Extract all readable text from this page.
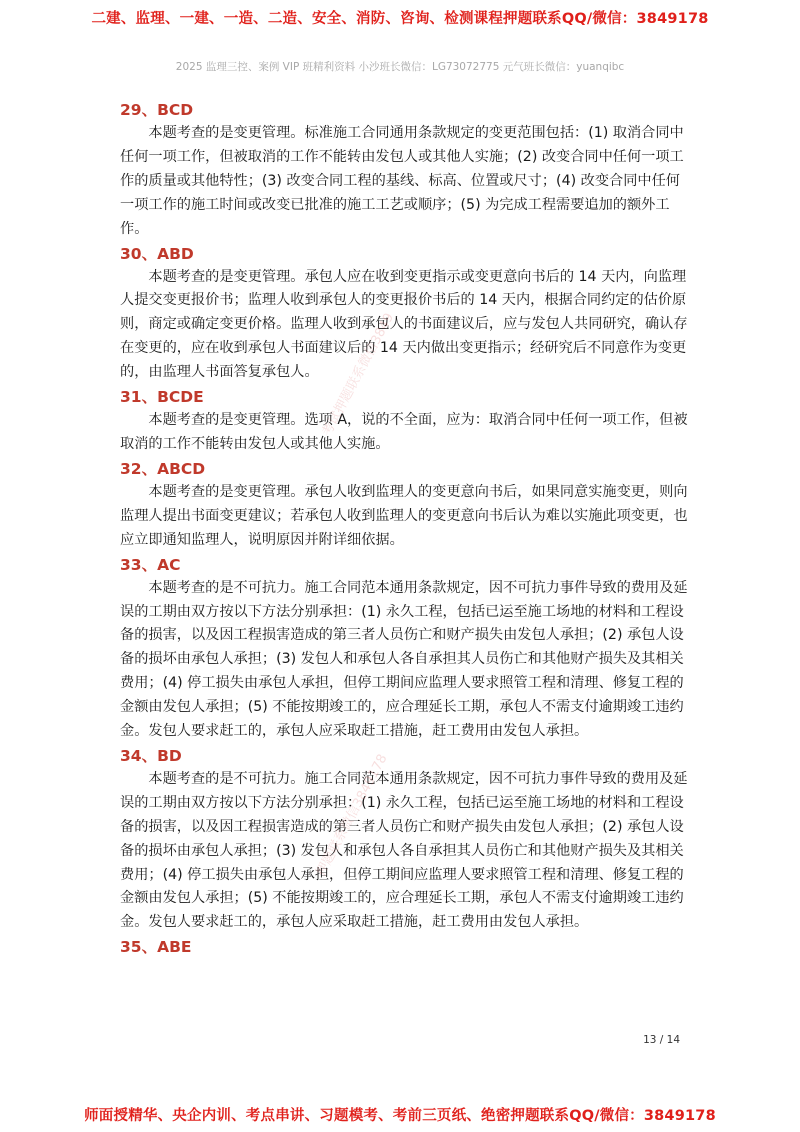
二建、监理、一建、一造、二造、安全、消防、咨询、检测课程押题联系QQ/微信：3849178
2025 监理三控、案例 VIP 班精利资料 小沙班长微信：LG73072775 元气班长微信：yuanqibc
29、BCD

本题考查的是变更管理。标准施工合同通用条款规定的变更范围包括：(1) 取消合同中任何一项工作，但被取消的工作不能转由发包人或其他人实施；(2) 改变合同中任何一项工作的质量或其他特性；(3) 改变合同工程的基线、标高、位置或尺寸；(4) 改变合同中任何一项工作的施工时间或改变已批准的施工工艺或顺序；(5) 为完成工程需要追加的额外工作。

30、ABD

本题考查的是变更管理。承包人应在收到变更指示或变更意向书后的 14 天内，向监理人提交变更报价书；监理人收到承包人的变更报价书后的 14 天内，根据合同约定的估价原则，商定或确定变更价格。监理人收到承包人的书面建议后，应与发包人共同研究，确认存在变更的，应在收到承包人书面建议后的 14 天内做出变更指示；经研究后不同意作为变更的，由监理人书面答复承包人。

31、BCDE

本题考查的是变更管理。选项 A，说的不全面，应为：取消合同中任何一项工作，但被取消的工作不能转由发包人或其他人实施。

32、ABCD

本题考查的是变更管理。承包人收到监理人的变更意向书后，如果同意实施变更，则向监理人提出书面变更建议；若承包人收到监理人的变更意向书后认为难以实施此项变更，也应立即通知监理人，说明原因并附详细依据。

33、AC

本题考查的是不可抗力。施工合同范本通用条款规定，因不可抗力事件导致的费用及延误的工期由双方按以下方法分别承担：(1) 永久工程，包括已运至施工场地的材料和工程设备的损害，以及因工程损害造成的第三者人员伤亡和财产损失由发包人承担；(2) 承包人设备的损坏由承包人承担；(3) 发包人和承包人各自承担其人员伤亡和其他财产损失及其相关费用；(4) 停工损失由承包人承担，但停工期间应监理人要求照管工程和清理、修复工程的金额由发包人承担；(5) 不能按期竣工的，应合理延长工期，承包人不需支付逾期竣工违约金。发包人要求赶工的，承包人应采取赶工措施，赶工费用由发包人承担。

34、BD

本题考查的是不可抗力。施工合同范本通用条款规定，因不可抗力事件导致的费用及延误的工期由双方按以下方法分别承担：(1) 永久工程，包括已运至施工场地的材料和工程设备的损害，以及因工程损害造成的第三者人员伤亡和财产损失由发包人承担；(2) 承包人设备的损坏由承包人承担；(3) 发包人和承包人各自承担其人员伤亡和其他财产损失及其相关费用；(4) 停工损失由承包人承担，但停工期间应监理人要求照管工程和清理、修复工程的金额由发包人承担；(5) 不能按期竣工的，应合理延长工期，承包人不需支付逾期竣工违约金。发包人要求赶工的，承包人应采取赶工措施，赶工费用由发包人承担。

35、ABE
考试押题联系微信3849
押题联系微信3849178
13 / 14
师面授精华、央企内训、考点串讲、习题模考、考前三页纸、绝密押题联系QQ/微信：3849178
